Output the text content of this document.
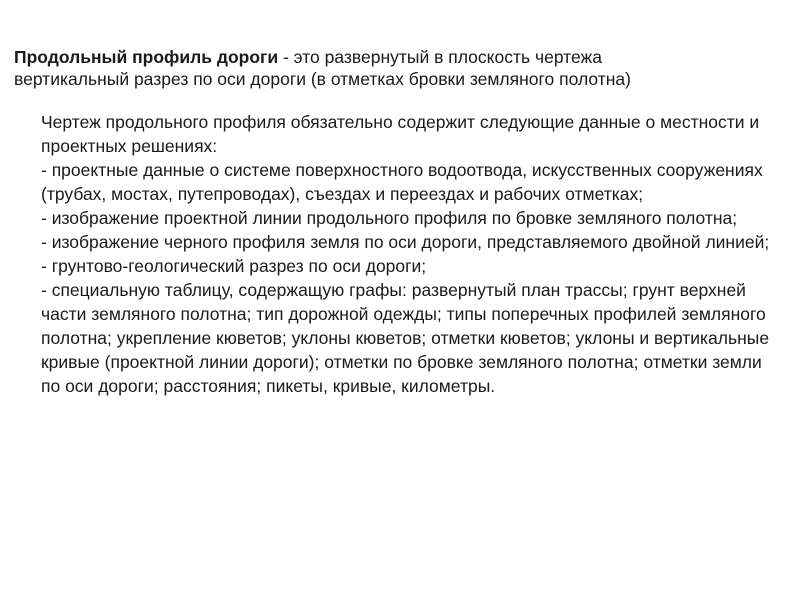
Продольный профиль дороги - это развернутый в плоскость чертежа
вертикальный разрез по оси дороги (в отметках бровки земляного полотна)

Чертеж продольного профиля обязательно содержит следующие данные о местности и проектных решениях:

- проектные данные о системе поверхностного водоотвода, искусственных сооружениях (трубах, мостах, путепроводах), съездах и переездах и рабочих отметках;

- изображение проектной линии продольного профиля по бровке земляного полотна;

- изображение черного профиля земля по оси дороги, представляемого двойной линией;

- грунтово-геологический разрез по оси дороги;

- специальную таблицу, содержащую графы: развернутый план трассы; грунт верхней части земляного полотна; тип дорожной одежды; типы поперечных профилей земляного полотна; укрепление кюветов; уклоны кюветов; отметки кюветов; уклоны и вертикальные кривые (проектной линии дороги); отметки по бровке земляного полотна; отметки земли по оси дороги; расстояния; пикеты, кривые, километры.
